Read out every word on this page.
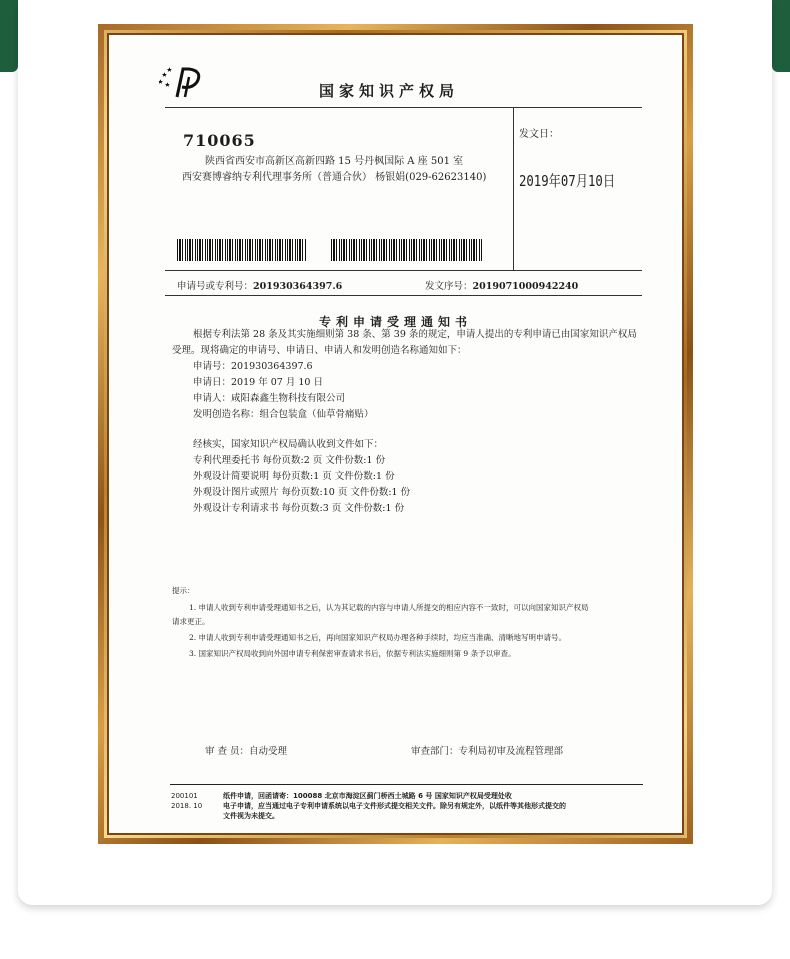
国家知识产权局
710065
陕西省西安市高新区高新四路 15 号丹枫国际 A 座 501 室
西安赛博睿纳专利代理事务所（普通合伙） 杨银娟(029-62623140)
发文日：
2019年07月10日
申请号或专利号：201930364397.6	发文序号：2019071000942240
专利申请受理通知书
根据专利法第 28 条及其实施细则第 38 条、第 39 条的规定，申请人提出的专利申请已由国家知识产权局
受理。现将确定的申请号、申请日、申请人和发明创造名称通知如下：
申请号：201930364397.6
申请日：2019 年 07 月 10 日
申请人：咸阳森鑫生物科技有限公司
发明创造名称：组合包装盒（仙草骨痛贴）
经核实，国家知识产权局确认收到文件如下：
专利代理委托书 每份页数:2 页 文件份数:1 份
外观设计简要说明 每份页数:1 页 文件份数:1 份
外观设计图片或照片 每份页数:10 页 文件份数:1 份
外观设计专利请求书 每份页数:3 页 文件份数:1 份
提示：
1. 申请人收到专利申请受理通知书之后，认为其记载的内容与申请人所提交的相应内容不一致时，可以向国家知识产权局
请求更正。
2. 申请人收到专利申请受理通知书之后，再向国家知识产权局办理各种手续时，均应当准确、清晰地写明申请号。
3. 国家知识产权局收到向外国申请专利保密审查请求书后，依据专利法实施细则第 9 条予以审查。
审 查 员：自动受理	审查部门：专利局初审及流程管理部
200101
2018. 10
纸件申请，回函请寄：100088 北京市海淀区蓟门桥西土城路 6 号 国家知识产权局受理处收
电子申请，应当通过电子专利申请系统以电子文件形式提交相关文件。除另有规定外，以纸件等其他形式提交的
文件视为未提交。
